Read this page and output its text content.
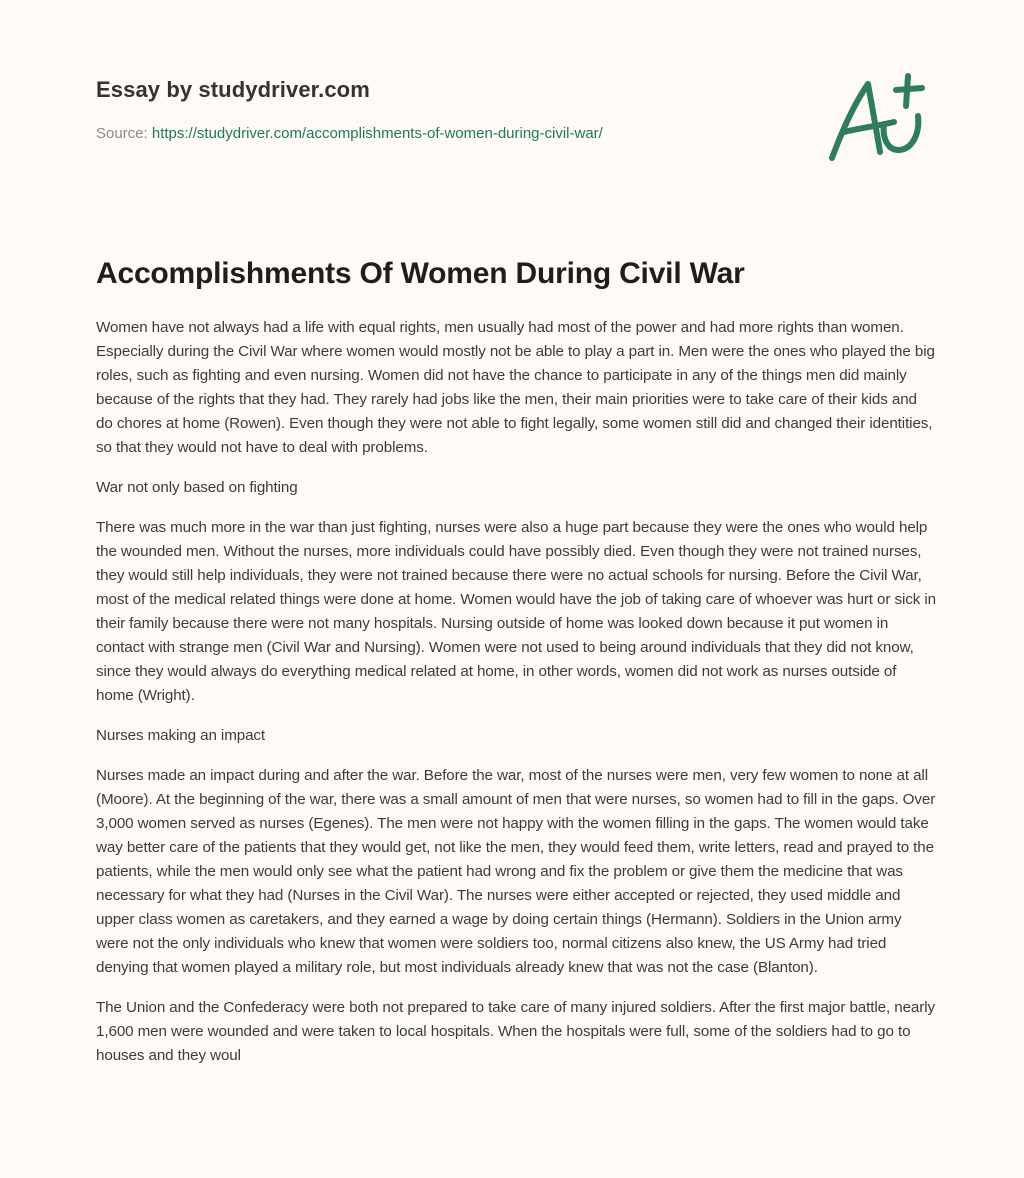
Essay by studydriver.com
Source: https://studydriver.com/accomplishments-of-women-during-civil-war/
Accomplishments Of Women During Civil War

Women have not always had a life with equal rights, men usually had most of the power and had more rights than women. Especially during the Civil War where women would mostly not be able to play a part in. Men were the ones who played the big roles, such as fighting and even nursing. Women did not have the chance to participate in any of the things men did mainly because of the rights that they had. They rarely had jobs like the men, their main priorities were to take care of their kids and do chores at home (Rowen). Even though they were not able to fight legally, some women still did and changed their identities, so that they would not have to deal with problems.

War not only based on fighting

There was much more in the war than just fighting, nurses were also a huge part because they were the ones who would help the wounded men. Without the nurses, more individuals could have possibly died. Even though they were not trained nurses, they would still help individuals, they were not trained because there were no actual schools for nursing. Before the Civil War, most of the medical related things were done at home. Women would have the job of taking care of whoever was hurt or sick in their family because there were not many hospitals. Nursing outside of home was looked down because it put women in contact with strange men (Civil War and Nursing). Women were not used to being around individuals that they did not know, since they would always do everything medical related at home, in other words, women did not work as nurses outside of home (Wright).

Nurses making an impact

Nurses made an impact during and after the war. Before the war, most of the nurses were men, very few women to none at all (Moore). At the beginning of the war, there was a small amount of men that were nurses, so women had to fill in the gaps. Over 3,000 women served as nurses (Egenes). The men were not happy with the women filling in the gaps. The women would take way better care of the patients that they would get, not like the men, they would feed them, write letters, read and prayed to the patients, while the men would only see what the patient had wrong and fix the problem or give them the medicine that was necessary for what they had (Nurses in the Civil War). The nurses were either accepted or rejected, they used middle and upper class women as caretakers, and they earned a wage by doing certain things (Hermann). Soldiers in the Union army were not the only individuals who knew that women were soldiers too, normal citizens also knew, the US Army had tried denying that women played a military role, but most individuals already knew that was not the case (Blanton).

The Union and the Confederacy were both not prepared to take care of many injured soldiers. After the first major battle, nearly 1,600 men were wounded and were taken to local hospitals. When the hospitals were full, some of the soldiers had to go to houses and they woul
